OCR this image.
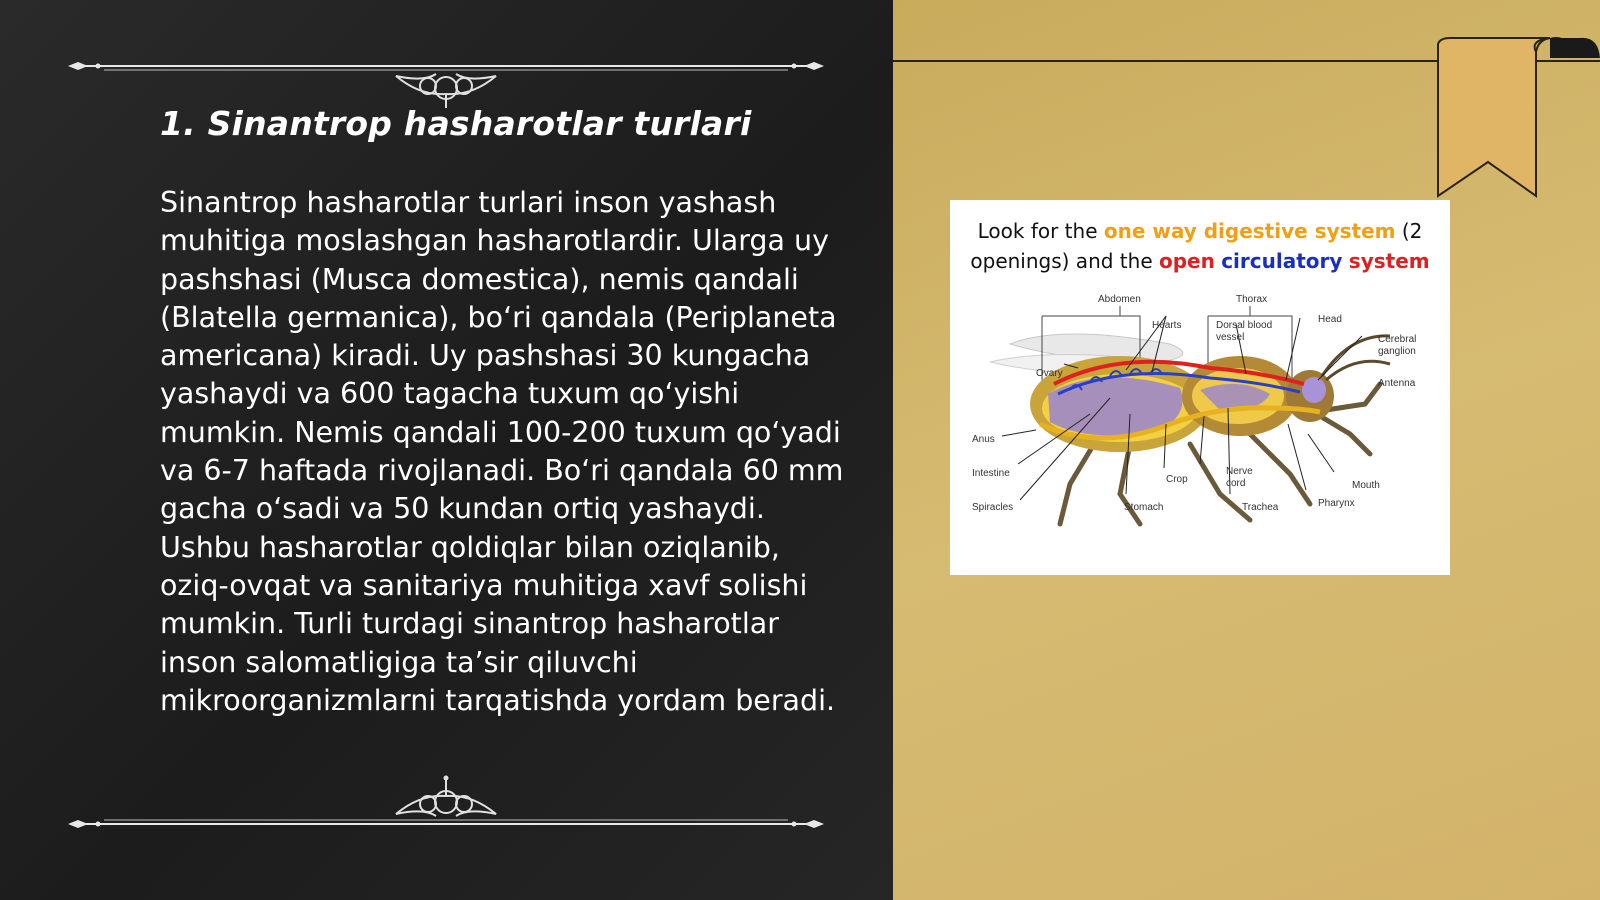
1. Sinantrop hasharotlar turlari

Sinantrop hasharotlar turlari inson yashash muhitiga moslashgan hasharotlardir. Ularga uy pashshasi (Musca domestica), nemis qandali (Blatella germanica), bo‘ri qandala (Periplaneta americana) kiradi. Uy pashshasi 30 kungacha yashaydi va 600 tagacha tuxum qo‘yishi mumkin. Nemis qandali 100-200 tuxum qo‘yadi va 6-7 haftada rivojlanadi. Bo‘ri qandala 60 mm gacha o‘sadi va 50 kundan ortiq yashaydi. Ushbu hasharotlar qoldiqlar bilan oziqlanib, oziq-ovqat va sanitariya muhitiga xavf solishi mumkin. Turli turdagi sinantrop hasharotlar inson salomatligiga ta’sir qiluvchi mikroorganizmlarni tarqatishda yordam beradi.

Look for the one way digestive system (2 openings) and the open circulatory system
Abdomen	Thorax
Hearts	Dorsal blood
vessel
Head
Cerebral
ganglion
Ovary
Antenna
Anus
Intestine
Crop
Nerve
cord	Mouth
Spiracles	Stomach	Trachea	Pharynx
